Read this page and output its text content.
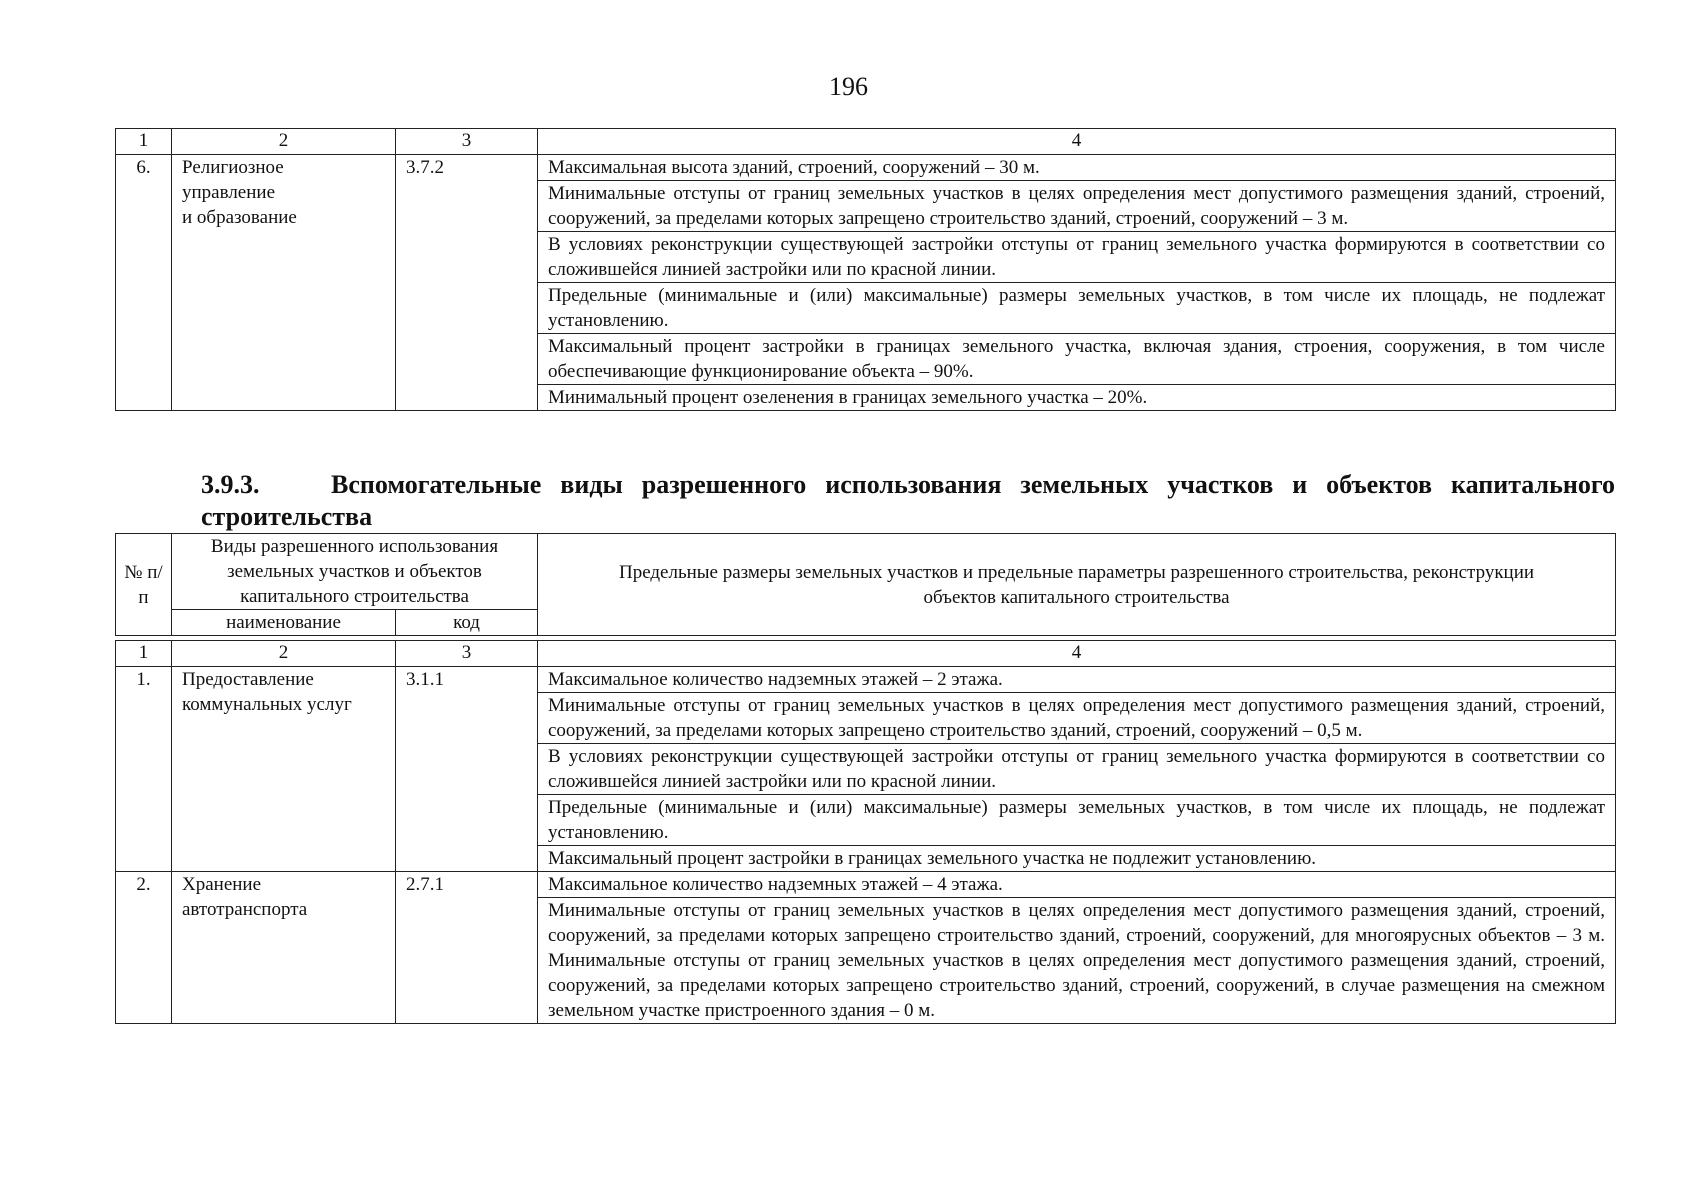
196
1	2	3	4
6.	Религиозное
управление
и образование	3.7.2	Максимальная высота зданий, строений, сооружений – 30 м.
			Минимальные отступы от границ земельных участков в целях определения мест допустимого размещения зданий, строений, сооружений, за пределами которых запрещено строительство зданий, строений, сооружений – 3 м.
			В условиях реконструкции существующей застройки отступы от границ земельного участка формируются в соответствии со сложившейся линией застройки или по красной линии.
			Предельные (минимальные и (или) максимальные) размеры земельных участков, в том числе их площадь, не подлежат установлению.
			Максимальный процент застройки в границах земельного участка, включая здания, строения, сооружения, в том числе обеспечивающие функционирование объекта – 90%.
			Минимальный процент озеленения в границах земельного участка – 20%.
3.9.3.	Вспомогательные виды разрешенного использования земельных участков и объектов капитального строительства
№ п/п	Виды разрешенного использования земельных участков и объектов капитального строительства		Предельные размеры земельных участков и предельные параметры разрешенного строительства, реконструкции объектов капитального строительства
	наименование	код	
1	2	3	4
1.	Предоставление
коммунальных услуг	3.1.1	Максимальное количество надземных этажей – 2 этажа.
			Минимальные отступы от границ земельных участков в целях определения мест допустимого размещения зданий, строений, сооружений, за пределами которых запрещено строительство зданий, строений, сооружений – 0,5 м.
			В условиях реконструкции существующей застройки отступы от границ земельного участка формируются в соответствии со сложившейся линией застройки или по красной линии.
			Предельные (минимальные и (или) максимальные) размеры земельных участков, в том числе их площадь, не подлежат установлению.
			Максимальный процент застройки в границах земельного участка не подлежит установлению.
2.	Хранение
автотранспорта	2.7.1	Максимальное количество надземных этажей – 4 этажа.
			Минимальные отступы от границ земельных участков в целях определения мест допустимого размещения зданий, строений, сооружений, за пределами которых запрещено строительство зданий, строений, сооружений, для многоярусных объектов – 3 м. Минимальные отступы от границ земельных участков в целях определения мест допустимого размещения зданий, строений, сооружений, за пределами которых запрещено строительство зданий, строений, сооружений, в случае размещения на смежном земельном участке пристроенного здания – 0 м.
